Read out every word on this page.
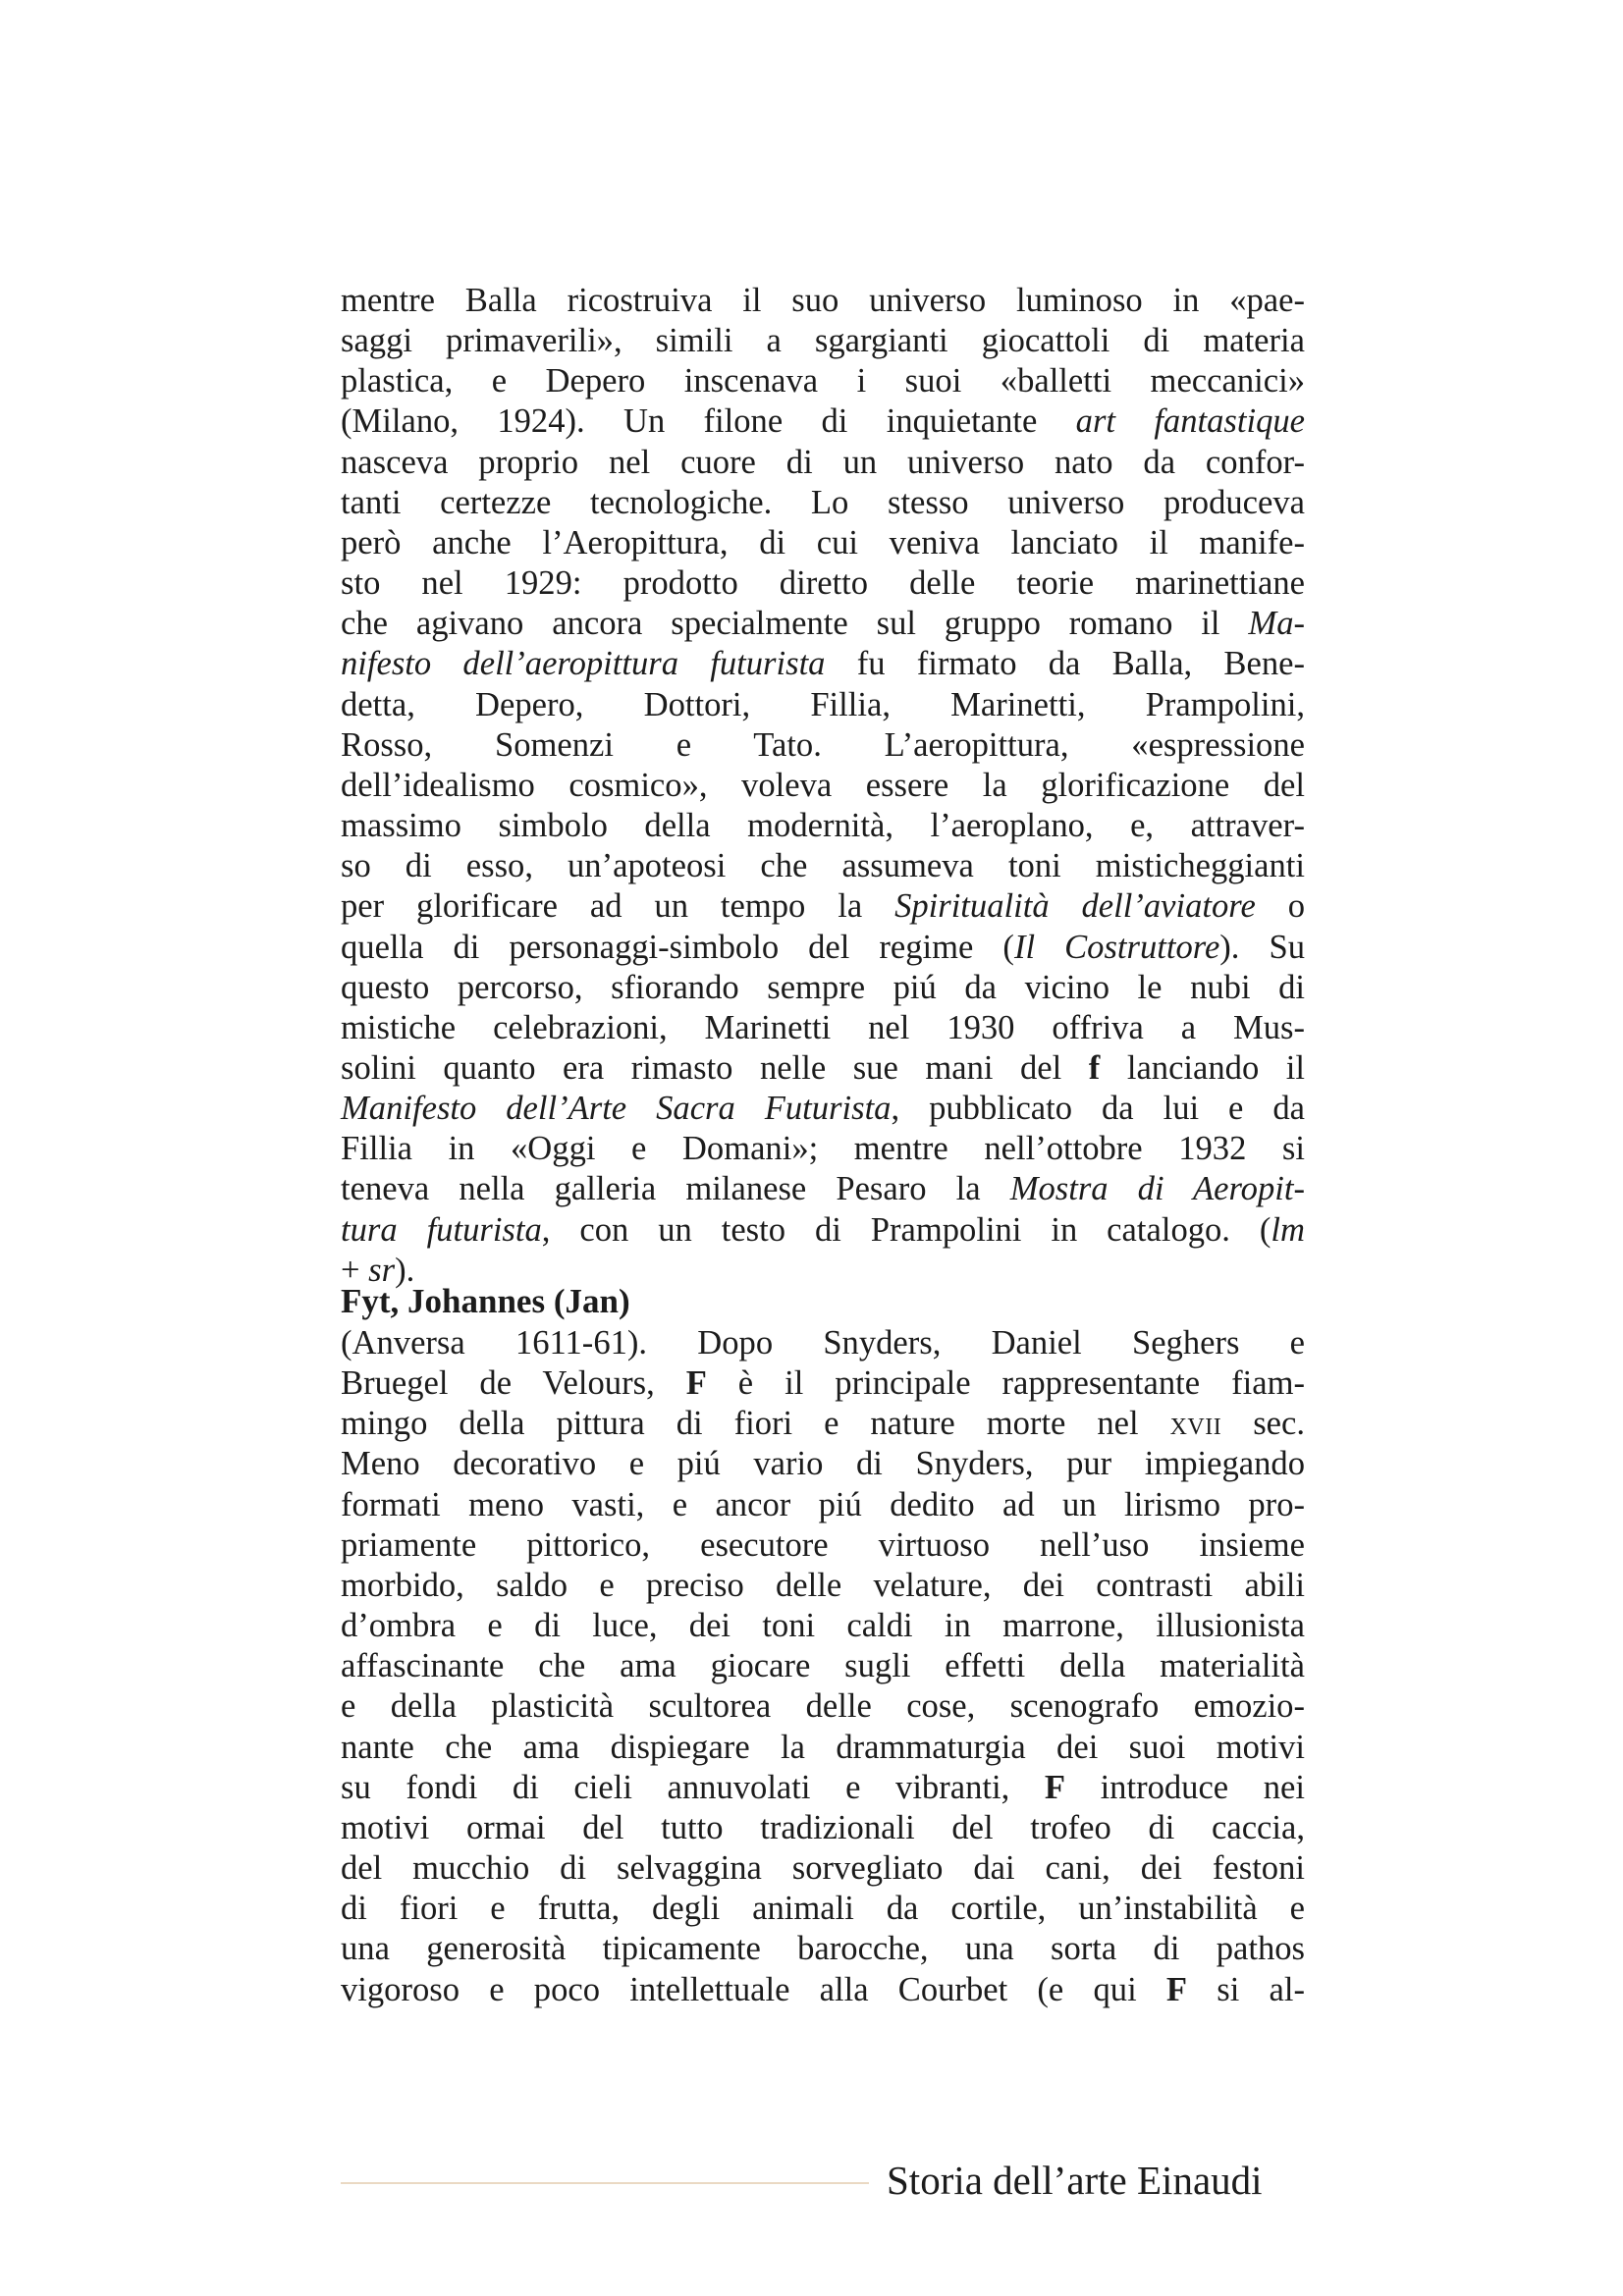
mentre Balla ricostruiva il suo universo luminoso in «pae-
saggi primaverili», simili a sgargianti giocattoli di materia
plastica, e Depero inscenava i suoi «balletti meccanici»
(Milano, 1924). Un filone di inquietante art fantastique
nasceva proprio nel cuore di un universo nato da confor-
tanti certezze tecnologiche. Lo stesso universo produceva
però anche l’Aeropittura, di cui veniva lanciato il manife-
sto nel 1929: prodotto diretto delle teorie marinettiane
che agivano ancora specialmente sul gruppo romano il Ma-
nifesto dell’aeropittura futurista fu firmato da Balla, Bene-
detta, Depero, Dottori, Fillia, Marinetti, Prampolini,
Rosso, Somenzi e Tato. L’aeropittura, «espressione
dell’idealismo cosmico», voleva essere la glorificazione del
massimo simbolo della modernità, l’aeroplano, e, attraver-
so di esso, un’apoteosi che assumeva toni misticheggianti
per glorificare ad un tempo la Spiritualità dell’aviatore o
quella di personaggi-simbolo del regime (Il Costruttore). Su
questo percorso, sfiorando sempre piú da vicino le nubi di
mistiche celebrazioni, Marinetti nel 1930 offriva a Mus-
solini quanto era rimasto nelle sue mani del f lanciando il
Manifesto dell’Arte Sacra Futurista, pubblicato da lui e da
Fillia in «Oggi e Domani»; mentre nell’ottobre 1932 si
teneva nella galleria milanese Pesaro la Mostra di Aeropit-
tura futurista, con un testo di Prampolini in catalogo. (lm
+ sr).
Fyt, Johannes (Jan)
(Anversa 1611-61). Dopo Snyders, Daniel Seghers e
Bruegel de Velours, F è il principale rappresentante fiam-
mingo della pittura di fiori e nature morte nel xvii sec.
Meno decorativo e piú vario di Snyders, pur impiegando
formati meno vasti, e ancor piú dedito ad un lirismo pro-
priamente pittorico, esecutore virtuoso nell’uso insieme
morbido, saldo e preciso delle velature, dei contrasti abili
d’ombra e di luce, dei toni caldi in marrone, illusionista
affascinante che ama giocare sugli effetti della materialità
e della plasticità scultorea delle cose, scenografo emozio-
nante che ama dispiegare la drammaturgia dei suoi motivi
su fondi di cieli annuvolati e vibranti, F introduce nei
motivi ormai del tutto tradizionali del trofeo di caccia,
del mucchio di selvaggina sorvegliato dai cani, dei festoni
di fiori e frutta, degli animali da cortile, un’instabilità e
una generosità tipicamente barocche, una sorta di pathos
vigoroso e poco intellettuale alla Courbet (e qui F si al-
Storia dell’arte Einaudi
